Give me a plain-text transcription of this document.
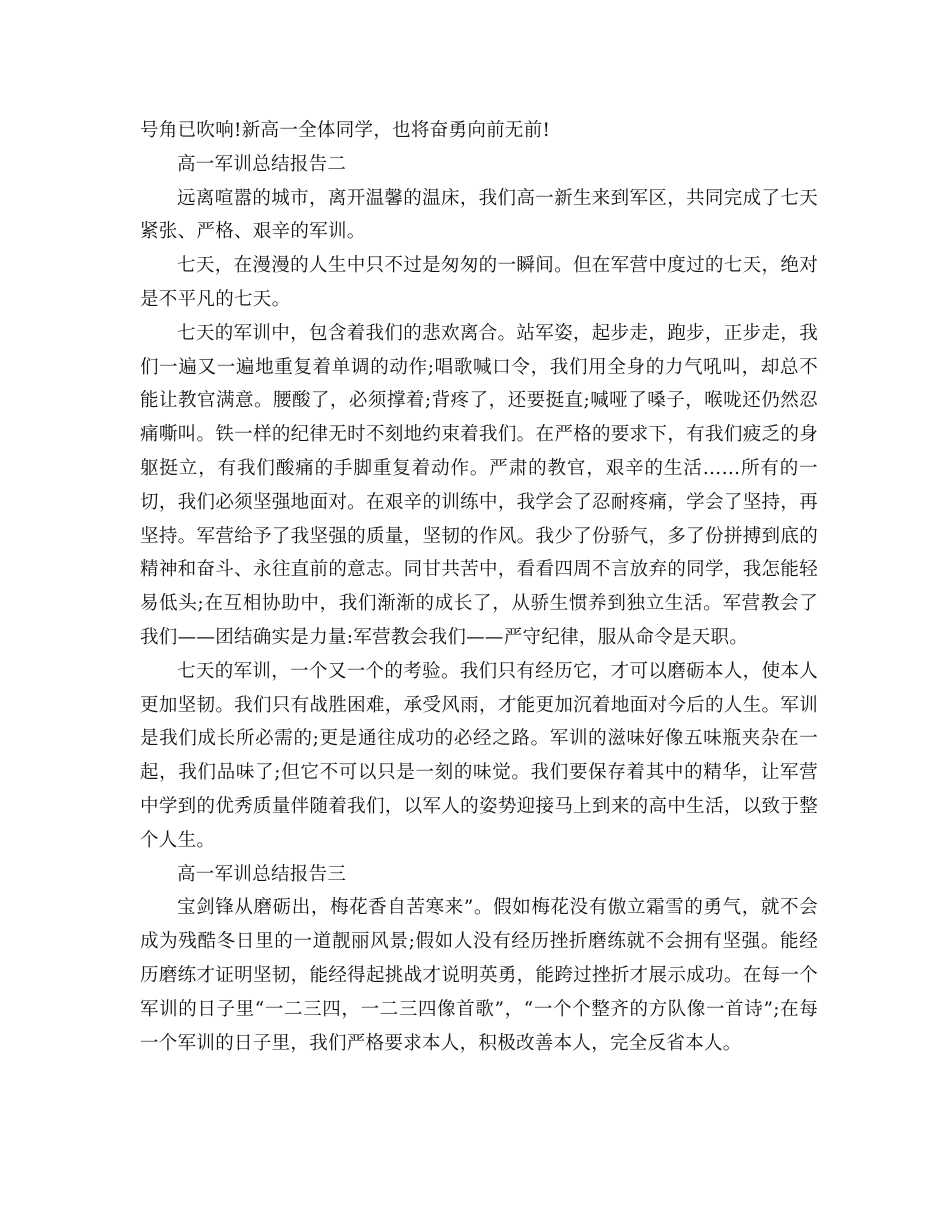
号角已吹响!新高一全体同学，也将奋勇向前无前!

高一军训总结报告二

远离喧嚣的城市，离开温馨的温床，我们高一新生来到军区，共同完成了七天紧张、严格、艰辛的军训。

七天，在漫漫的人生中只不过是匆匆的一瞬间。但在军营中度过的七天，绝对是不平凡的七天。

七天的军训中，包含着我们的悲欢离合。站军姿，起步走，跑步，正步走，我们一遍又一遍地重复着单调的动作;唱歌喊口令，我们用全身的力气吼叫，却总不能让教官满意。腰酸了，必须撑着;背疼了，还要挺直;喊哑了嗓子，喉咙还仍然忍痛嘶叫。铁一样的纪律无时不刻地约束着我们。在严格的要求下，有我们疲乏的身躯挺立，有我们酸痛的手脚重复着动作。严肃的教官，艰辛的生活……所有的一切，我们必须坚强地面对。在艰辛的训练中，我学会了忍耐疼痛，学会了坚持，再坚持。军营给予了我坚强的质量，坚韧的作风。我少了份骄气，多了份拼搏到底的精神和奋斗、永往直前的意志。同甘共苦中，看看四周不言放弃的同学，我怎能轻易低头;在互相协助中，我们渐渐的成长了，从骄生惯养到独立生活。军营教会了我们——团结确实是力量:军营教会我们——严守纪律，服从命令是天职。

七天的军训，一个又一个的考验。我们只有经历它，才可以磨砺本人，使本人更加坚韧。我们只有战胜困难，承受风雨，才能更加沉着地面对今后的人生。军训是我们成长所必需的;更是通往成功的必经之路。军训的滋味好像五味瓶夹杂在一起，我们品味了;但它不可以只是一刻的味觉。我们要保存着其中的精华，让军营中学到的优秀质量伴随着我们，以军人的姿势迎接马上到来的高中生活，以致于整个人生。

高一军训总结报告三

宝剑锋从磨砺出，梅花香自苦寒来”。假如梅花没有傲立霜雪的勇气，就不会成为残酷冬日里的一道靓丽风景;假如人没有经历挫折磨练就不会拥有坚强。能经历磨练才证明坚韧，能经得起挑战才说明英勇，能跨过挫折才展示成功。在每一个军训的日子里“一二三四，一二三四像首歌”，“一个个整齐的方队像一首诗”;在每一个军训的日子里，我们严格要求本人，积极改善本人，完全反省本人。
